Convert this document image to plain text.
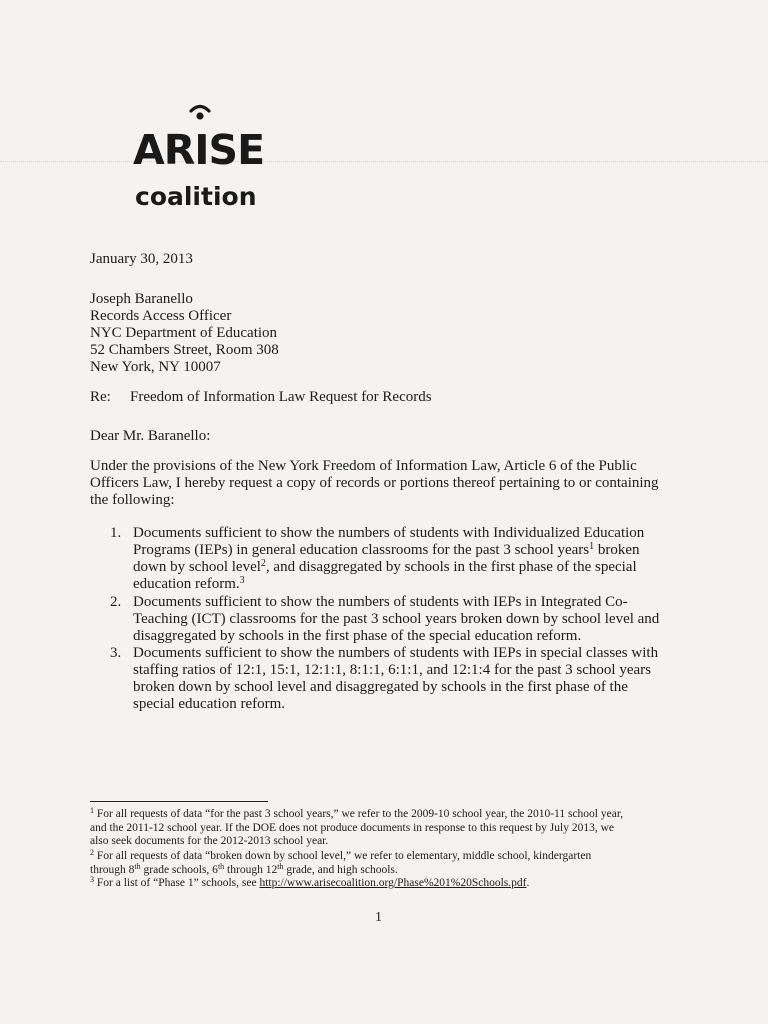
ARISE
coalition
January 30, 2013
Joseph Baranello
Records Access Officer
NYC Department of Education
52 Chambers Street, Room 308
New York, NY 10007
Re: Freedom of Information Law Request for Records
Dear Mr. Baranello:
Under the provisions of the New York Freedom of Information Law, Article 6 of the Public
Officers Law, I hereby request a copy of records or portions thereof pertaining to or containing
the following:
1. Documents sufficient to show the numbers of students with Individualized Education
Programs (IEPs) in general education classrooms for the past 3 school years$^1$ broken
down by school level$^2$, and disaggregated by schools in the first phase of the special
education reform.$^3$
2. Documents sufficient to show the numbers of students with IEPs in Integrated Co-
Teaching (ICT) classrooms for the past 3 school years broken down by school level and
disaggregated by schools in the first phase of the special education reform.
3. Documents sufficient to show the numbers of students with IEPs in special classes with
staffing ratios of 12:1, 15:1, 12:1:1, 8:1:1, 6:1:1, and 12:1:4 for the past 3 school years
broken down by school level and disaggregated by schools in the first phase of the
special education reform.
$^1$ For all requests of data “for the past 3 school years,” we refer to the 2009-10 school year, the 2010-11 school year,
and the 2011-12 school year. If the DOE does not produce documents in response to this request by July 2013, we
also seek documents for the 2012-2013 school year.
$^2$ For all requests of data “broken down by school level,” we refer to elementary, middle school, kindergarten
through 8th grade schools, 6th through 12th grade, and high schools.
$^3$ For a list of “Phase 1” schools, see http://www.arisecoalition.org/Phase%201%20Schools.pdf.
1
